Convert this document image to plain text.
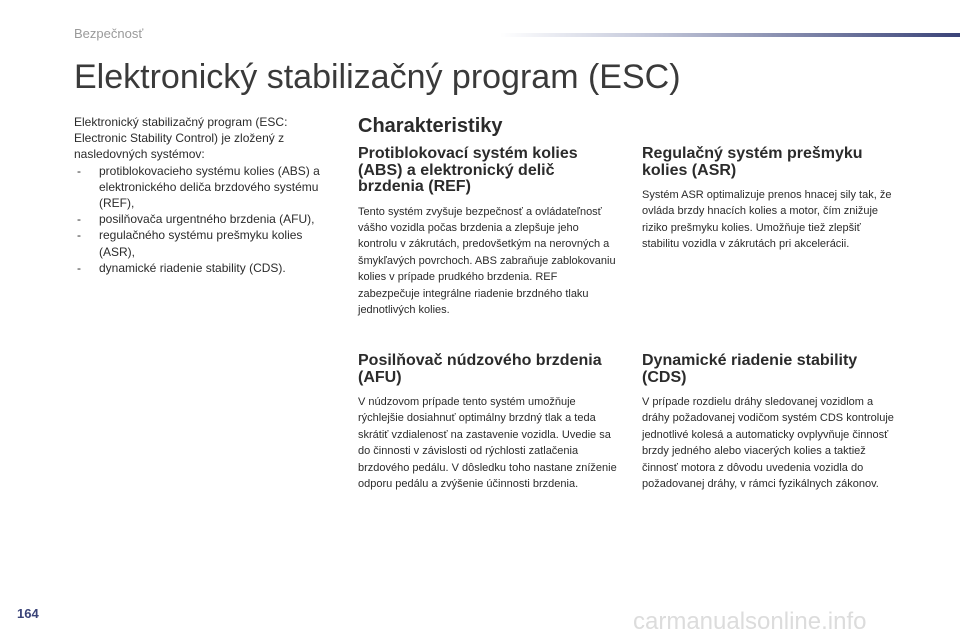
Bezpečnosť
Elektronický stabilizačný program (ESC)
Elektronický stabilizačný program (ESC: Electronic Stability Control) je zložený z nasledovných systémov:
- protiblokovacieho systému kolies (ABS) a elektronického deliča brzdového systému (REF),
- posilňovača urgentného brzdenia (AFU),
- regulačného systému prešmyku kolies (ASR),
- dynamické riadenie stability (CDS).
Charakteristiky
Protiblokovací systém kolies (ABS) a elektronický delič brzdenia (REF)

Tento systém zvyšuje bezpečnosť a ovládateľnosť vášho vozidla počas brzdenia a zlepšuje jeho kontrolu v zákrutách, predovšetkým na nerovných a šmykľavých povrchoch. ABS zabraňuje zablokovaniu kolies v prípade prudkého brzdenia. REF zabezpečuje integrálne riadenie brzdného tlaku jednotlivých kolies.

Regulačný systém prešmyku kolies (ASR)

Systém ASR optimalizuje prenos hnacej sily tak, že ovláda brzdy hnacích kolies a motor, čím znižuje riziko prešmyku kolies. Umožňuje tiež zlepšiť stabilitu vozidla v zákrutách pri akcelerácii.

Posilňovač núdzového brzdenia (AFU)

V núdzovom prípade tento systém umožňuje rýchlejšie dosiahnuť optimálny brzdný tlak a teda skrátiť vzdialenosť na zastavenie vozidla. Uvedie sa do činnosti v závislosti od rýchlosti zatlačenia brzdového pedálu. V dôsledku toho nastane zníženie odporu pedálu a zvýšenie účinnosti brzdenia.

Dynamické riadenie stability (CDS)

V prípade rozdielu dráhy sledovanej vozidlom a dráhy požadovanej vodičom systém CDS kontroluje jednotlivé kolesá a automaticky ovplyvňuje činnosť brzdy jedného alebo viacerých kolies a taktiež činnosť motora z dôvodu uvedenia vozidla do požadovanej dráhy, v rámci fyzikálnych zákonov.

164	carmanualsonline.info
